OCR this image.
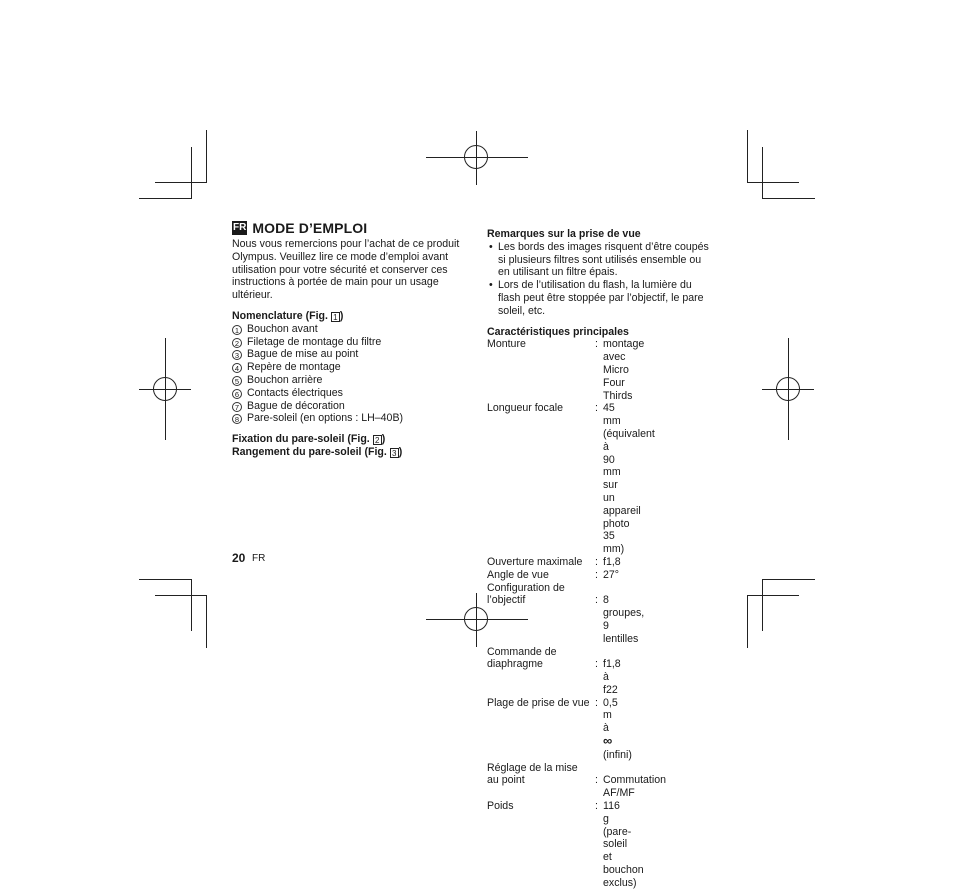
FR MODE D’EMPLOI
Nous vous remercions pour l’achat de ce produit
Olympus. Veuillez lire ce mode d’emploi avant
utilisation pour votre sécurité et conserver ces
instructions à portée de main pour un usage
ultérieur.
Nomenclature (Fig. 1 )
1 Bouchon avant
2 Filetage de montage du filtre
3 Bague de mise au point
4 Repère de montage
5 Bouchon arrière
6 Contacts électriques
7 Bague de décoration
8 Pare-soleil (en options : LH–40B)
Fixation du pare-soleil (Fig. 2 )
Rangement du pare-soleil (Fig. 3 )
Remarques sur la prise de vue
• Les bords des images risquent d’être coupés
si plusieurs filtres sont utilisés ensemble ou
en utilisant un filtre épais.
• Lors de l’utilisation du flash, la lumière du
flash peut être stoppée par l’objectif, le pare
soleil, etc.
Caractéristiques principales
Monture	: montage avec Micro
Four Thirds
Longueur focale	: 45 mm (équivalent à
90 mm sur un appareil
photo 35 mm)
Ouverture maximale	: f1,8
Angle de vue	: 27°
Configuration de
l’objectif	: 8 groupes, 9 lentilles
Commande de
diaphragme	: f1,8 à f22
Plage de prise de vue : 0,5 m à ∞ (infini)
Réglage de la mise
au point	: Commutation AF/MF
Poids	: 116 g (pare-soleil et
bouchon exclus)
20 FR
